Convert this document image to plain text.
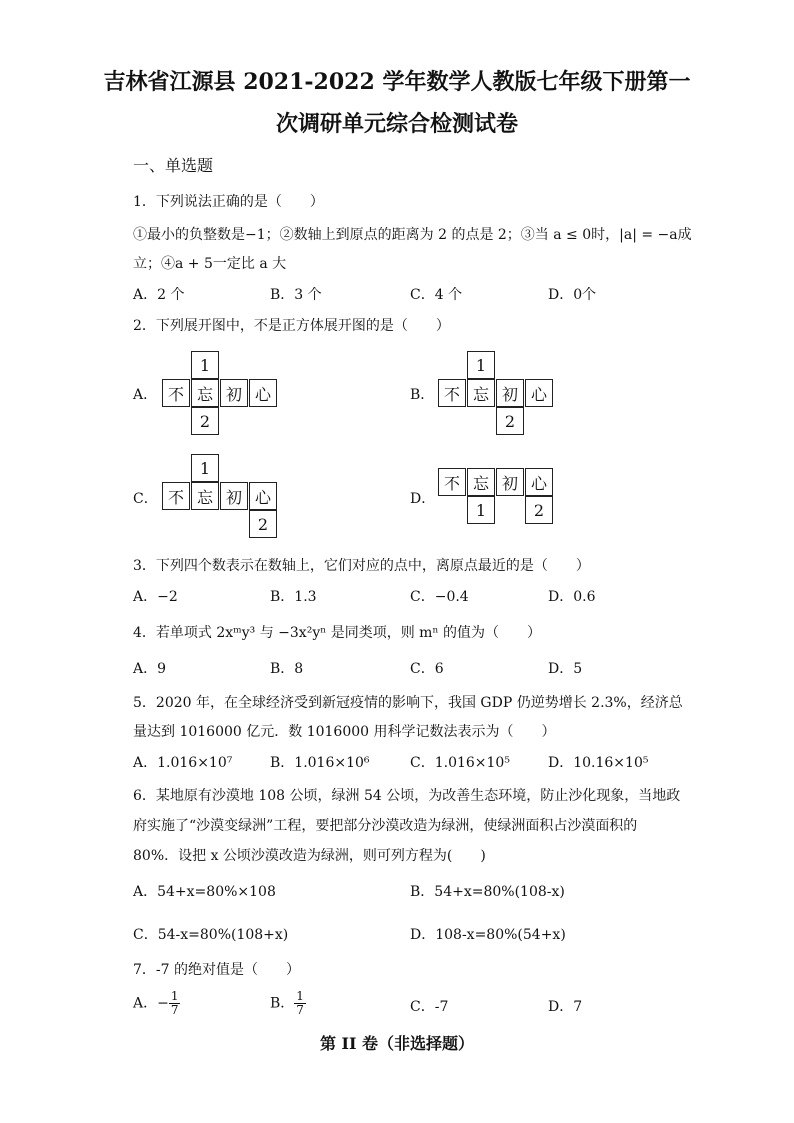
吉林省江源县 2021-2022 学年数学人教版七年级下册第一
次调研单元综合检测试卷
一、单选题
1．下列说法正确的是（　　）
①最小的负整数是−1；②数轴上到原点的距离为 2 的点是 2；③当 a ≤ 0时，|a| = −a成
立；④a + 5一定比 a 大
A．2 个	B．3 个	C．4 个	D．0个
2．下列展开图中，不是正方体展开图的是（　　）
A．
1
不 忘 初 心
2
B．
1
不 忘 初 心
2
C．
1
不 忘 初 心
2
D．
不 忘 初 心
1	2
3．下列四个数表示在数轴上，它们对应的点中，离原点最近的是（　　）
A．−2	B．1.3	C．−0.4	D．0.6
4．若单项式 2xᵐy³ 与 −3x²yⁿ 是同类项，则 mⁿ 的值为（　　）
A．9	B．8	C．6	D．5
5．2020 年，在全球经济受到新冠疫情的影响下，我国 GDP 仍逆势增长 2.3%，经济总
量达到 1016000 亿元．数 1016000 用科学记数法表示为（　　）
A．1.016×10⁷	B．1.016×10⁶	C．1.016×10⁵	D．10.16×10⁵
6．某地原有沙漠地 108 公顷，绿洲 54 公顷，为改善生态环境，防止沙化现象，当地政
府实施了“沙漠变绿洲”工程，要把部分沙漠改造为绿洲，使绿洲面积占沙漠面积的
80%．设把 x 公顷沙漠改造为绿洲，则可列方程为(　　)
A．54+x=80%×108	B．54+x=80%(108-x)
C．54-x=80%(108+x)	D．108-x=80%(54+x)
7．-7 的绝对值是（　　）
A．− $\frac{1}{7}$	B． $\frac{1}{7}$	C．-7	D．7
第 II 卷（非选择题）
